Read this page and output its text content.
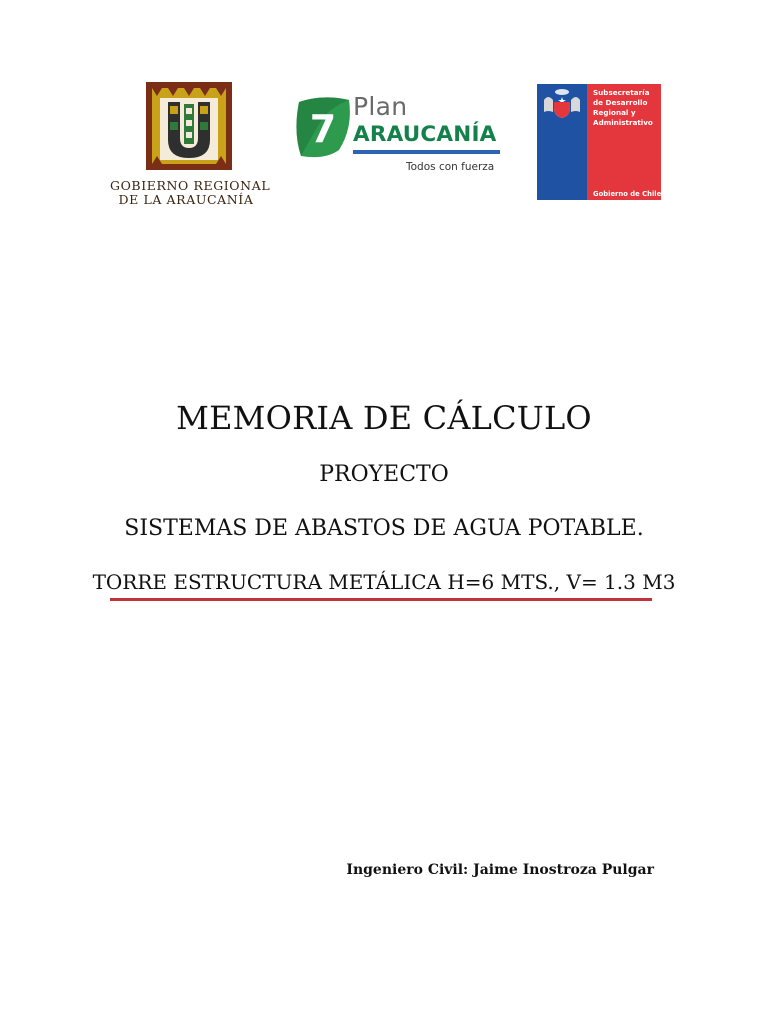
GOBIERNO REGIONAL
DE LA ARAUCANÍA
7
Plan
ARAUCANÍA
Todos con fuerza
Subsecretaría
de Desarrollo
Regional y
Administrativo
Gobierno de Chile
MEMORIA DE CÁLCULO
PROYECTO
SISTEMAS DE ABASTOS DE AGUA POTABLE.
TORRE ESTRUCTURA METÁLICA H=6 MTS., V= 1.3 M3
Ingeniero Civil: Jaime Inostroza Pulgar
